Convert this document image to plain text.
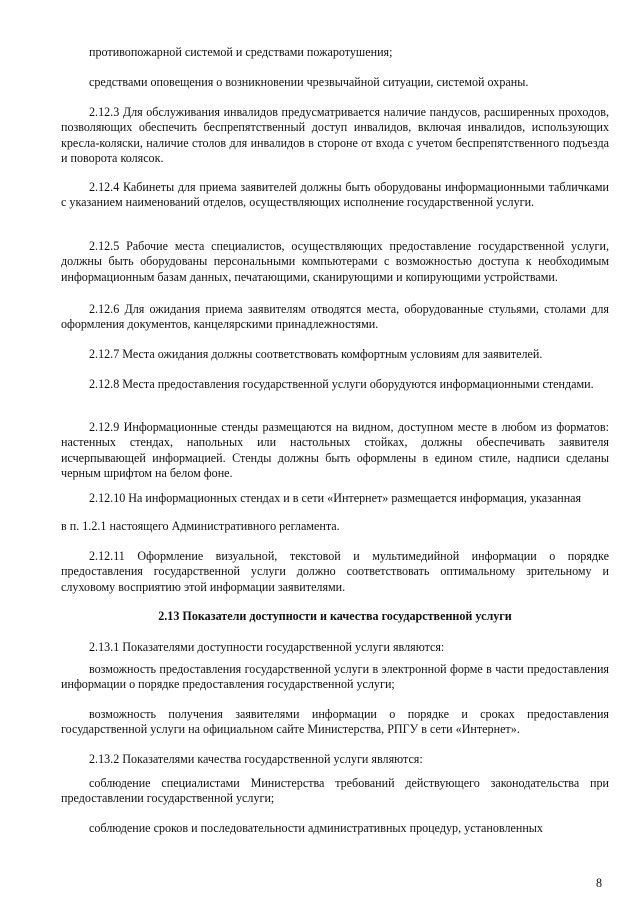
противопожарной системой и средствами пожаротушения;

средствами оповещения о возникновении чрезвычайной ситуации, системой охраны.

2.12.3 Для обслуживания инвалидов предусматривается наличие пандусов, расширенных проходов, позволяющих обеспечить беспрепятственный доступ инвалидов, включая инвалидов, использующих кресла-коляски, наличие столов для инвалидов в стороне от входа с учетом беспрепятственного подъезда и поворота колясок.

2.12.4 Кабинеты для приема заявителей должны быть оборудованы информационными табличками с указанием наименований отделов, осуществляющих исполнение государственной услуги.

2.12.5 Рабочие места специалистов, осуществляющих предоставление государственной услуги, должны быть оборудованы персональными компьютерами с возможностью доступа к необходимым информационным базам данных, печатающими, сканирующими и копирующими устройствами.

2.12.6 Для ожидания приема заявителям отводятся места, оборудованные стульями, столами для оформления документов, канцелярскими принадлежностями.

2.12.7 Места ожидания должны соответствовать комфортным условиям для заявителей.

2.12.8 Места предоставления государственной услуги оборудуются информационными стендами.

2.12.9 Информационные стенды размещаются на видном, доступном месте в любом из форматов: настенных стендах, напольных или настольных стойках, должны обеспечивать заявителя исчерпывающей информацией. Стенды должны быть оформлены в едином стиле, надписи сделаны черным шрифтом на белом фоне.

2.12.10 На информационных стендах и в сети «Интернет» размещается информация, указанная

в п. 1.2.1 настоящего Административного регламента.

2.12.11 Оформление визуальной, текстовой и мультимедийной информации о порядке предоставления государственной услуги должно соответствовать оптимальному зрительному и слуховому восприятию этой информации заявителями.

2.13 Показатели доступности и качества государственной услуги

2.13.1 Показателями доступности государственной услуги являются:

возможность предоставления государственной услуги в электронной форме в части предоставления информации о порядке предоставления государственной услуги;

возможность получения заявителями информации о порядке и сроках предоставления государственной услуги на официальном сайте Министерства, РПГУ в сети «Интернет».

2.13.2 Показателями качества государственной услуги являются:

соблюдение специалистами Министерства требований действующего законодательства при предоставлении государственной услуги;

соблюдение сроков и последовательности административных процедур, установленных

8
